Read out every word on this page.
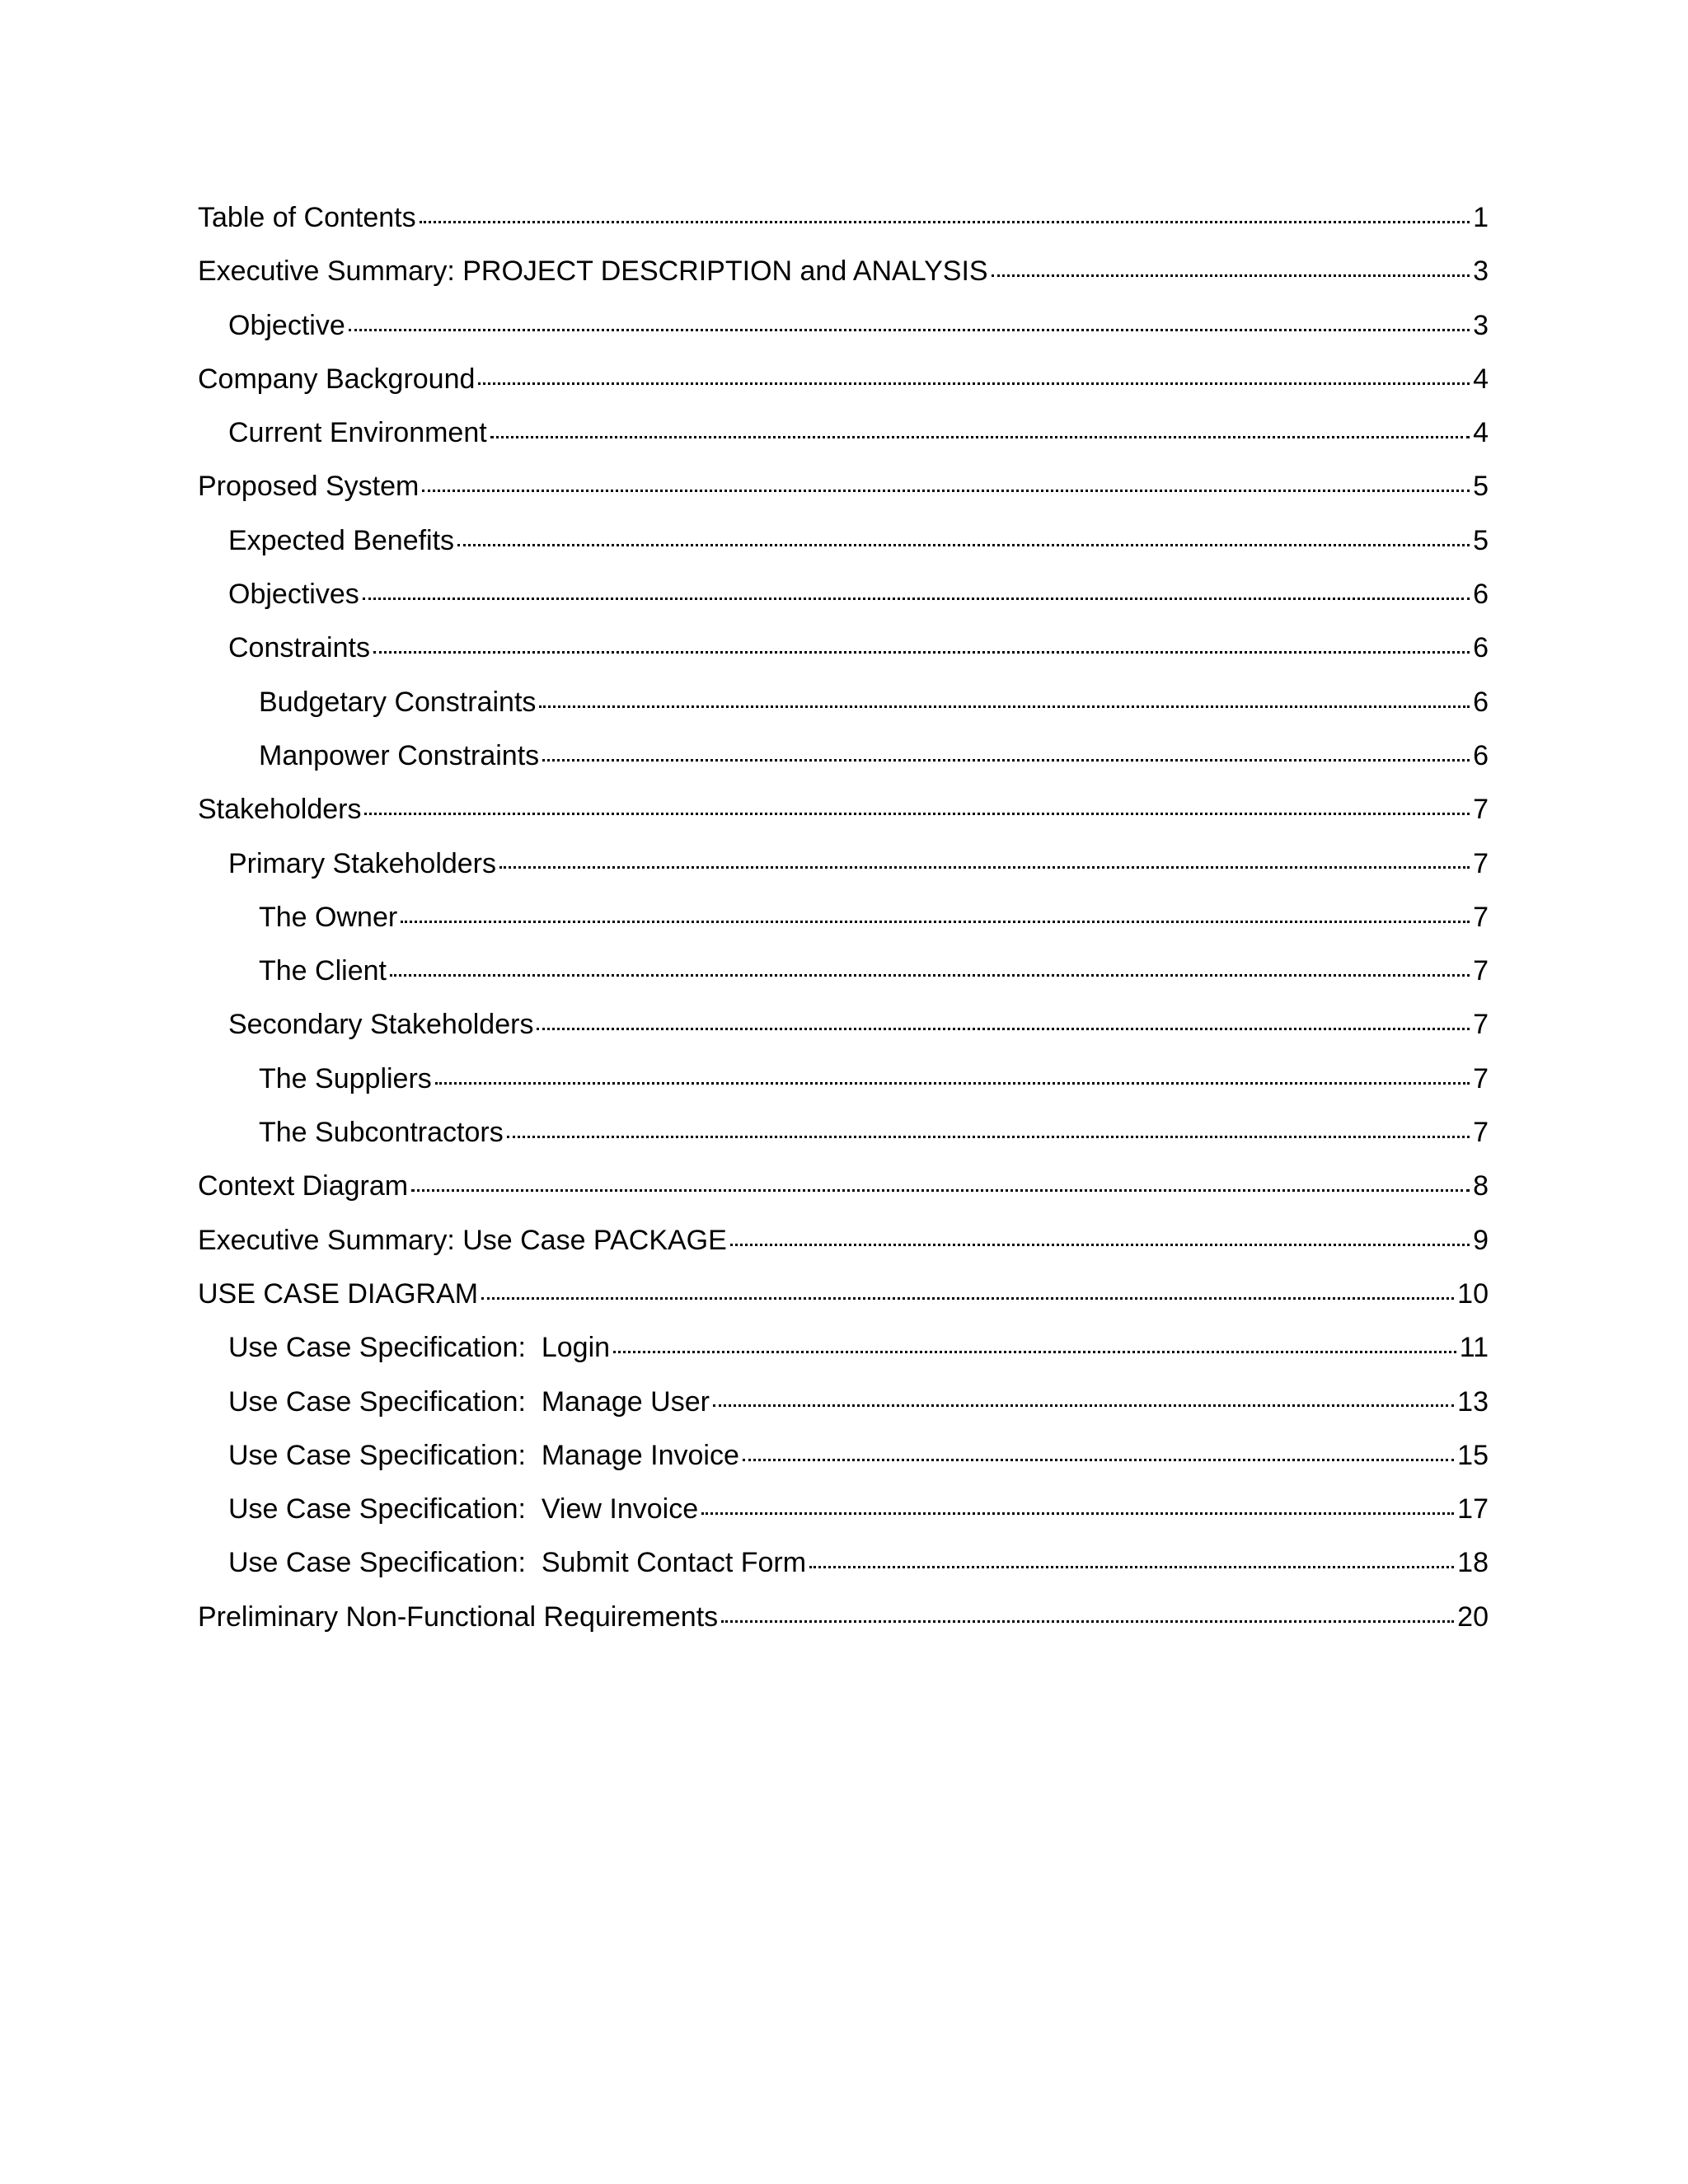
Table of Contents	1
Executive Summary: PROJECT DESCRIPTION and ANALYSIS	3
Objective	3
Company Background	4
Current Environment	4
Proposed System	5
Expected Benefits	5
Objectives	6
Constraints	6
Budgetary Constraints	6
Manpower Constraints	6
Stakeholders	7
Primary Stakeholders	7
The Owner	7
The Client	7
Secondary Stakeholders	7
The Suppliers	7
The Subcontractors	7
Context Diagram	8
Executive Summary: Use Case PACKAGE	9
USE CASE DIAGRAM	10
Use Case Specification:  Login	11
Use Case Specification:  Manage User	13
Use Case Specification:  Manage Invoice	15
Use Case Specification:  View Invoice	17
Use Case Specification:  Submit Contact Form	18
Preliminary Non-Functional Requirements	20
